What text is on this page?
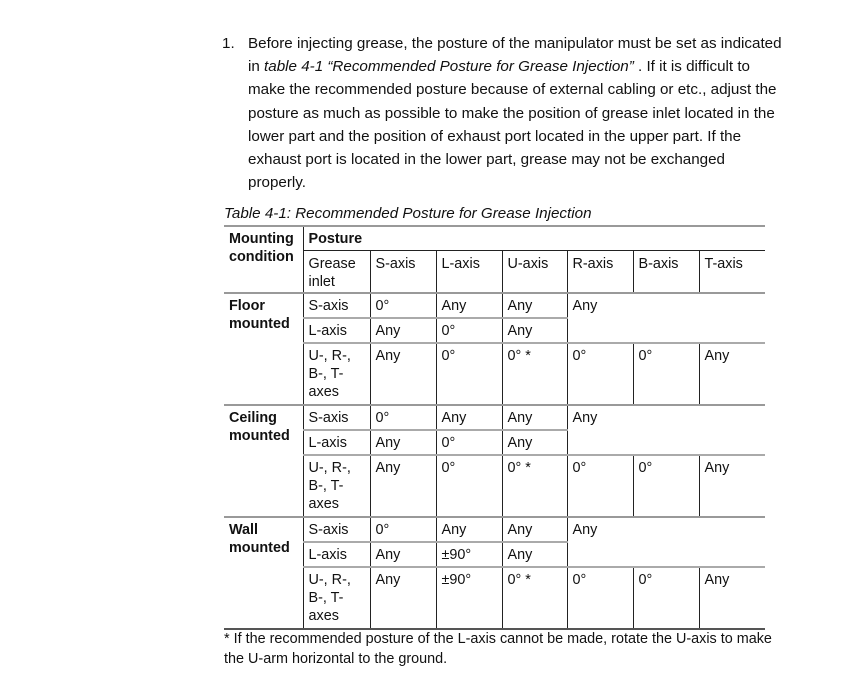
1. Before injecting grease, the posture of the manipulator must be set as indicated in table 4-1 “Recommended Posture for Grease Injection” . If it is difficult to make the recommended posture because of external cabling or etc., adjust the posture as much as possible to make the position of grease inlet located in the lower part and the position of exhaust port located in the upper part. If the exhaust port is located in the lower part, grease may not be exchanged properly.
Table 4-1: Recommended Posture for Grease Injection
Mounting condition	Posture						
	Grease inlet	S-axis	L-axis	U-axis	R-axis	B-axis	T-axis
Floor mounted	S-axis	0°	Any	Any	Any		
	L-axis	Any	0°	Any			
	U-, R-, B-, T-axes	Any	0°	0° *	0°	0°	Any
Ceiling mounted	S-axis	0°	Any	Any	Any		
	L-axis	Any	0°	Any			
	U-, R-, B-, T-axes	Any	0°	0° *	0°	0°	Any
Wall mounted	S-axis	0°	Any	Any	Any		
	L-axis	Any	±90°	Any			
	U-, R-, B-, T-axes	Any	±90°	0° *	0°	0°	Any
* If the recommended posture of the L-axis cannot be made, rotate the U-axis to make the U-arm horizontal to the ground.
